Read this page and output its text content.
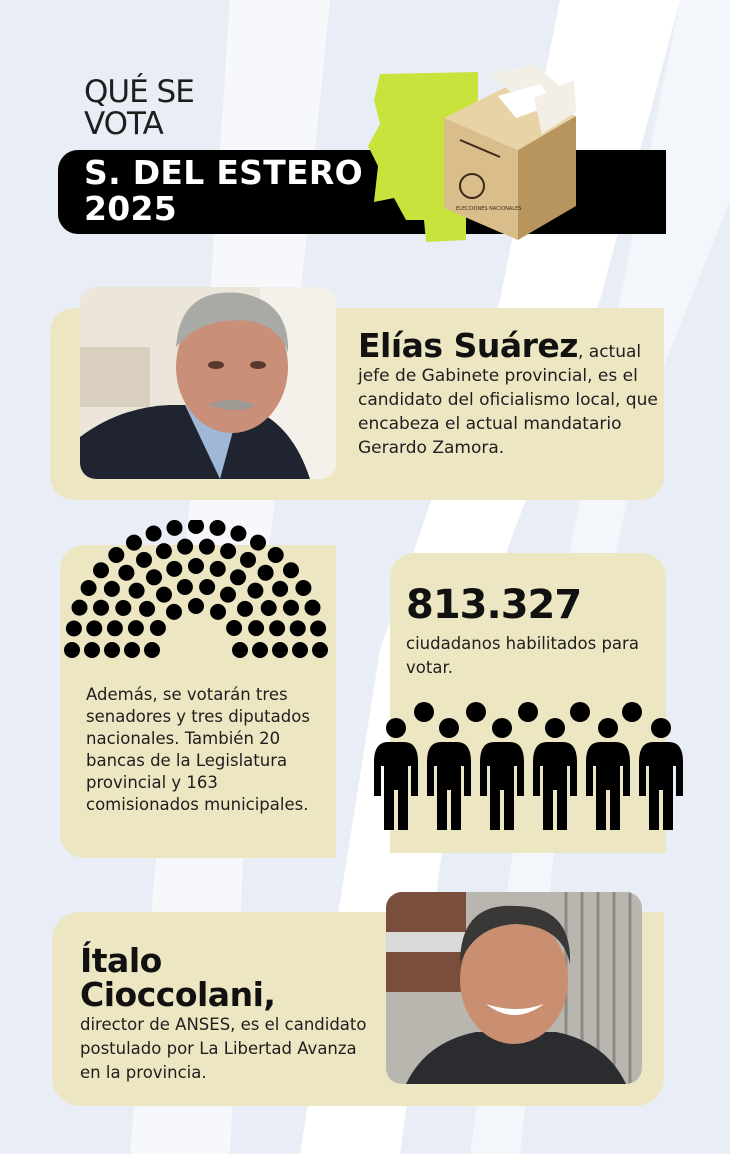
QUÉ SE
VOTA
ELECCIONES NACIONALES
S. DEL ESTERO
2025
Elías Suárez, actual jefe de Gabinete provincial, es el candidato del oficialismo local, que encabeza el actual mandatario Gerardo Zamora.
Además, se votarán tres senadores y tres diputados nacionales. También 20 bancas de la Legislatura provincial y 163 comisionados municipales.
813.327
ciudadanos habilitados para votar.
Ítalo
Cioccolani,
director de ANSES, es el candidato postulado por La Libertad Avanza en la provincia.
